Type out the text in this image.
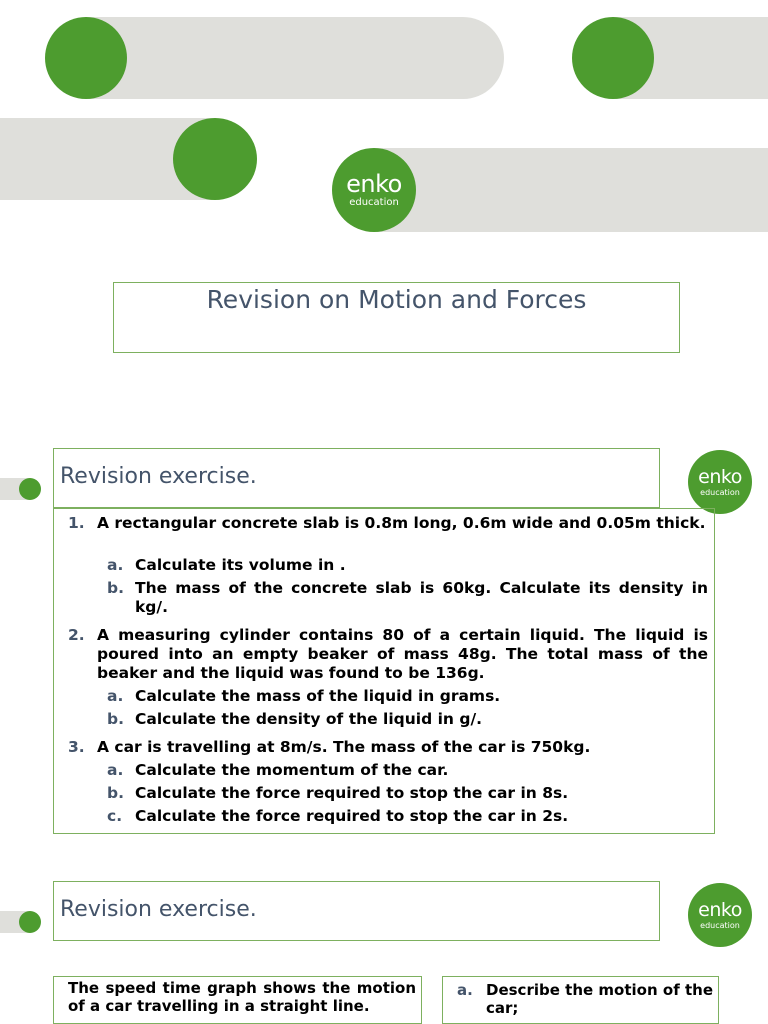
enko
education
Revision on Motion and Forces
Revision exercise.	enko
education
1. A rectangular concrete slab is 0.8m long, 0.6m wide and 0.05m thick.
a. Calculate its volume in .
b. The mass of the concrete slab is 60kg. Calculate its density in kg/.
2. A measuring cylinder contains 80 of a certain liquid. The liquid is poured into an empty beaker of mass 48g. The total mass of the beaker and the liquid was found to be 136g.
a. Calculate the mass of the liquid in grams.
b. Calculate the density of the liquid in g/.
3. A car is travelling at 8m/s. The mass of the car is 750kg.
a. Calculate the momentum of the car.
b. Calculate the force required to stop the car in 8s.
c. Calculate the force required to stop the car in 2s.
Revision exercise.	enko
education
The speed time graph shows the motion of a car travelling in a straight line.
a. Describe the motion of the car;
